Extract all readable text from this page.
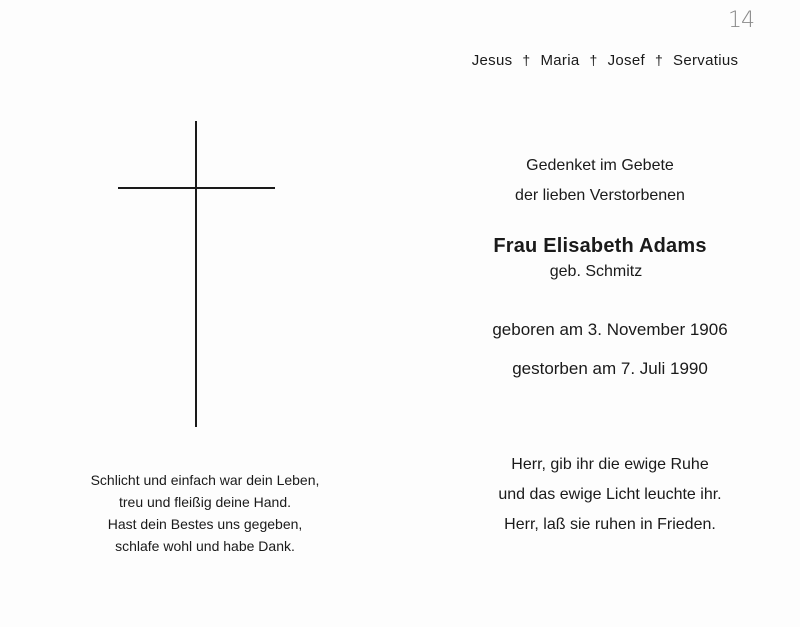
14
Jesus † Maria † Josef † Servatius
Gedenket im Gebete
der lieben Verstorbenen
Frau Elisabeth Adams
geb. Schmitz
geboren am 3. November 1906
gestorben am 7. Juli 1990
Schlicht und einfach war dein Leben,
treu und fleißig deine Hand.
Hast dein Bestes uns gegeben,
schlafe wohl und habe Dank.
Herr, gib ihr die ewige Ruhe
und das ewige Licht leuchte ihr.
Herr, laß sie ruhen in Frieden.
